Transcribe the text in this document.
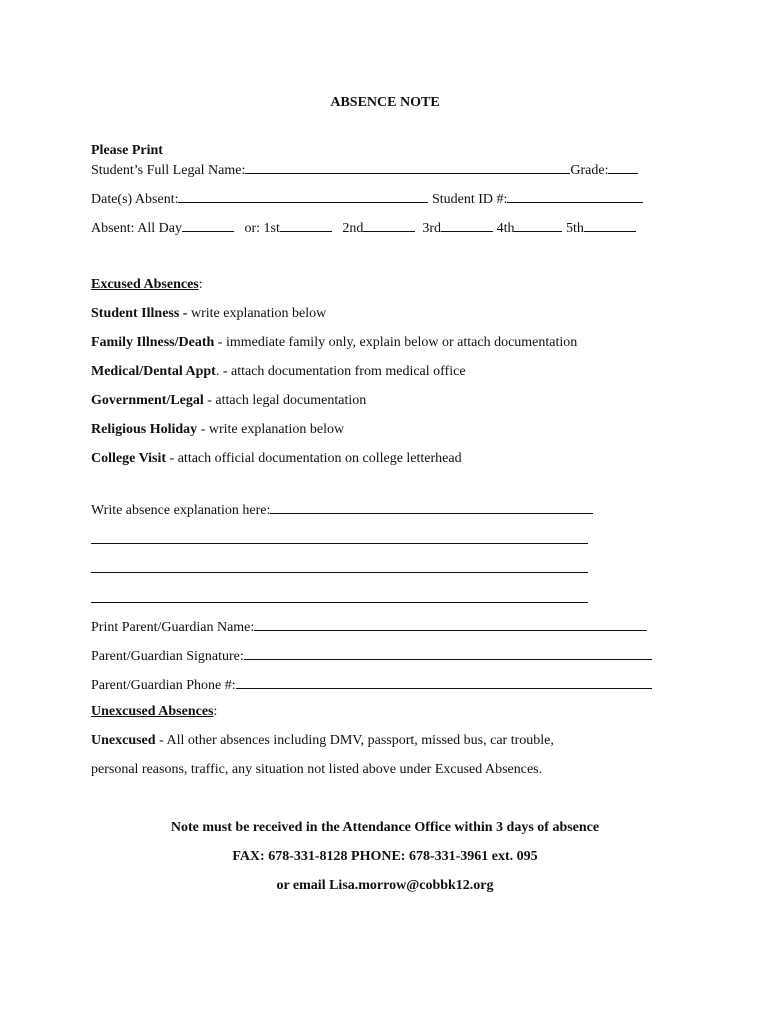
ABSENCE NOTE
Please Print
Student’s Full Legal Name:	Grade:
Date(s) Absent:	Student ID #:
Absent: All Day	or: 1st	2nd	3rd	4th	5th
Excused Absences:
Student Illness - write explanation below
Family Illness/Death - immediate family only, explain below or attach documentation
Medical/Dental Appt. - attach documentation from medical office
Government/Legal - attach legal documentation
Religious Holiday - write explanation below
College Visit - attach official documentation on college letterhead
Write absence explanation here:
Print Parent/Guardian Name:
Parent/Guardian Signature:
Parent/Guardian Phone #:
Unexcused Absences:
Unexcused - All other absences including DMV, passport, missed bus, car trouble,
personal reasons, traffic, any situation not listed above under Excused Absences.
Note must be received in the Attendance Office within 3 days of absence
FAX: 678-331-8128 PHONE: 678-331-3961 ext. 095
or email Lisa.morrow@cobbk12.org
